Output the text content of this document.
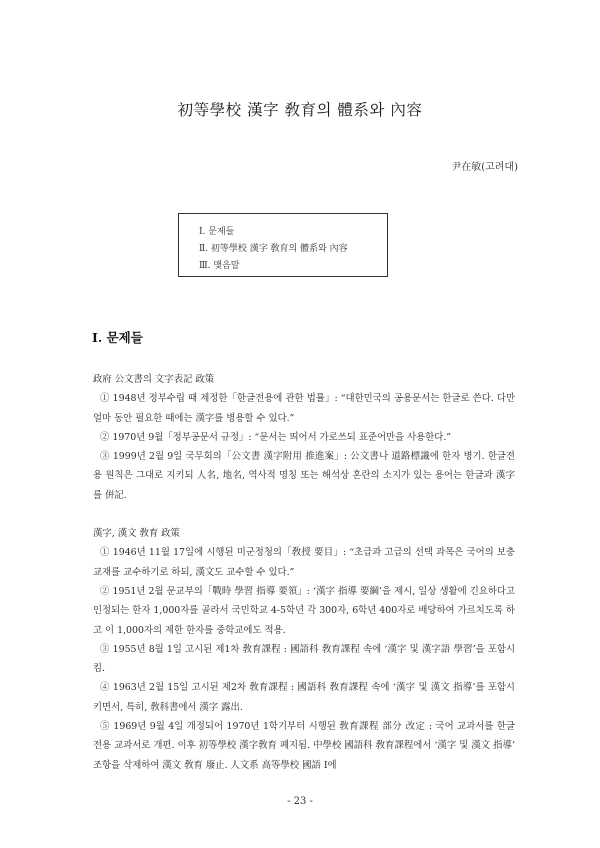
初等學校 漢字 敎育의 體系와 內容
尹在敏(고려대)
Ⅰ. 문제들
Ⅱ. 初等學校 漢字 敎育의 體系와 內容
Ⅲ. 맺음말
Ⅰ. 문제들

政府 公文書의 文字表記 政策

① 1948년 정부수립 때 제정한「한글전용에 관한 법률」: “대한민국의 공용문서는 한글로 쓴다. 다만 얼마 동안 필요한 때에는 漢字를 병용할 수 있다.”

② 1970년 9월「정부공문서 규정」: “문서는 띄어서 가로쓰되 표준어만을 사용한다.”

③ 1999년 2월 9일 국무회의「公文書 漢字附用 推進案」: 公文書나 道路標識에 한자 병기. 한글전용 원칙은 그대로 지키되 人名, 地名, 역사적 명칭 또는 해석상 혼란의 소지가 있는 용어는 한글과 漢字를 倂記.

漢字, 漢文 敎育 政策

① 1946년 11월 17일에 시행된 미군정청의「敎授 要目」: “초급과 고급의 선택 과목은 국어의 보충 교재를 교수하기로 하되, 漢文도 교수할 수 있다.”

② 1951년 2월 문교부의「戰時 學習 指導 要領」: ‘漢字 指導 要綱’을 제시, 일상 생활에 긴요하다고 인정되는 한자 1,000자를 골라서 국민학교 4-5학년 각 300자, 6학년 400자로 배당하여 가르치도록 하고 이 1,000자의 제한 한자를 중학교에도 적용.

③ 1955년 8월 1일 고시된 제1차 敎育課程 : 國語科 敎育課程 속에 ‘漢字 및 漢字語 學習’을 포함시킴.

④ 1963년 2월 15일 고시된 제2차 敎育課程 : 國語科 敎育課程 속에 ‘漢字 및 漢文 指導’를 포함시키면서, 특히, 敎科書에서 漢字 露出.

⑤ 1969년 9월 4일 개정되어 1970년 1학기부터 시행된 敎育課程 部分 改定 : 국어 교과서를 한글 전용 교과서로 개편. 이후 初等學校 漢字敎育 폐지됨. 中學校 國語科 敎育課程에서 ‘漢字 및 漢文 指導’ 조항을 삭제하여 漢文 敎育 廢止. 人文系 高等學校 國語 Ⅰ에

- 23 -
